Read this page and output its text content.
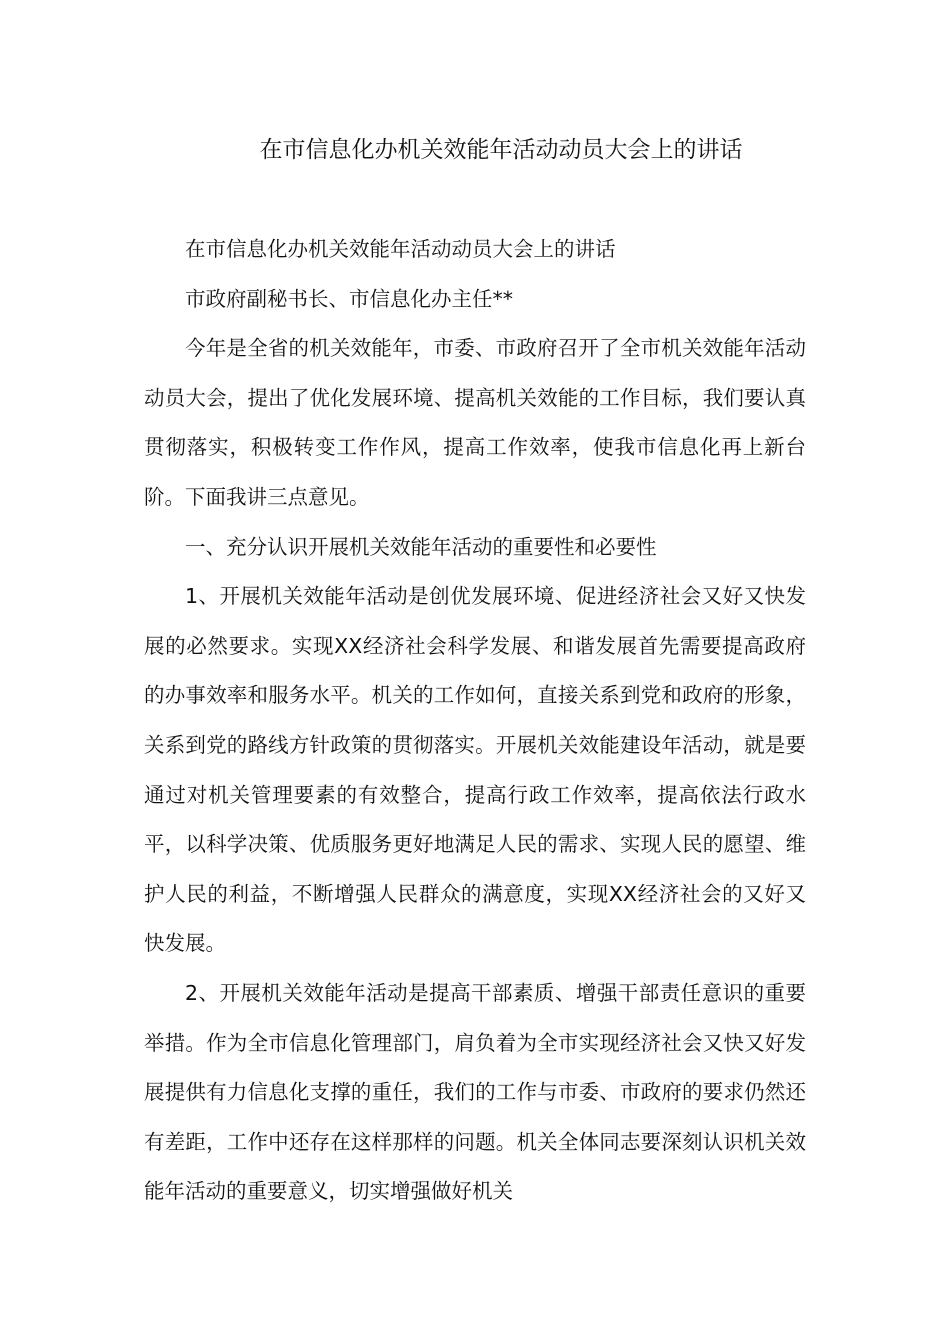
在市信息化办机关效能年活动动员大会上的讲话

在市信息化办机关效能年活动动员大会上的讲话

市政府副秘书长、市信息化办主任**

今年是全省的机关效能年，市委、市政府召开了全市机关效能年活动动员大会，提出了优化发展环境、提高机关效能的工作目标，我们要认真贯彻落实，积极转变工作作风，提高工作效率，使我市信息化再上新台阶。下面我讲三点意见。

一、充分认识开展机关效能年活动的重要性和必要性

1、开展机关效能年活动是创优发展环境、促进经济社会又好又快发展的必然要求。实现XX经济社会科学发展、和谐发展首先需要提高政府的办事效率和服务水平。机关的工作如何，直接关系到党和政府的形象，关系到党的路线方针政策的贯彻落实。开展机关效能建设年活动，就是要通过对机关管理要素的有效整合，提高行政工作效率，提高依法行政水平，以科学决策、优质服务更好地满足人民的需求、实现人民的愿望、维护人民的利益，不断增强人民群众的满意度，实现XX经济社会的又好又快发展。

2、开展机关效能年活动是提高干部素质、增强干部责任意识的重要举措。作为全市信息化管理部门，肩负着为全市实现经济社会又快又好发展提供有力信息化支撑的重任，我们的工作与市委、市政府的要求仍然还有差距，工作中还存在这样那样的问题。机关全体同志要深刻认识机关效能年活动的重要意义，切实增强做好机关
